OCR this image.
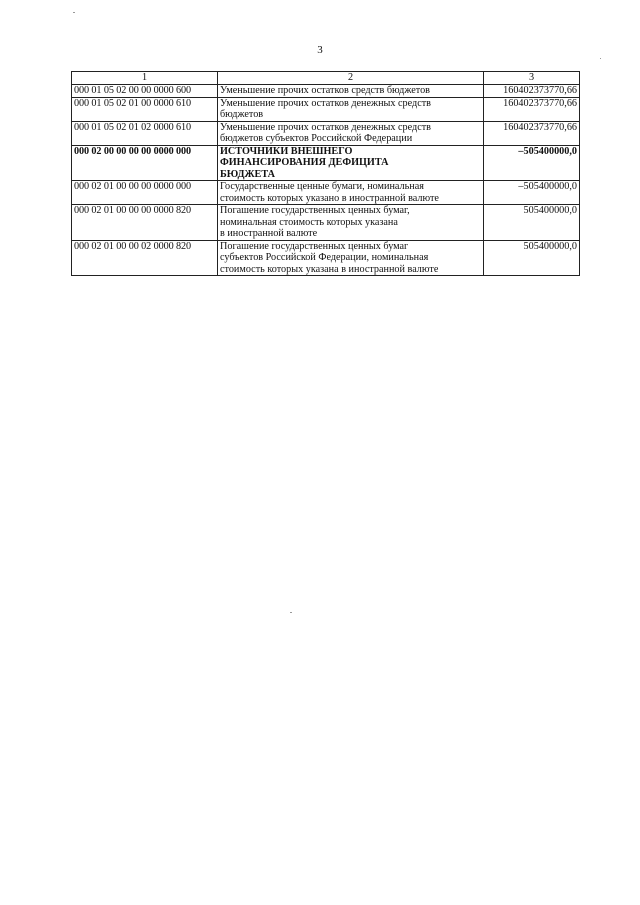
3
1	2	3
000 01 05 02 00 00 0000 600	Уменьшение прочих остатков средств бюджетов	160402373770,66
000 01 05 02 01 00 0000 610	Уменьшение прочих остатков денежных средств
бюджетов	160402373770,66
000 01 05 02 01 02 0000 610	Уменьшение прочих остатков денежных средств
бюджетов субъектов Российской Федерации	160402373770,66
000 02 00 00 00 00 0000 000	ИСТОЧНИКИ ВНЕШНЕГО
ФИНАНСИРОВАНИЯ ДЕФИЦИТА
БЮДЖЕТА	–505400000,0
000 02 01 00 00 00 0000 000	Государственные ценные бумаги, номинальная
стоимость которых указано в иностранной валюте	–505400000,0
000 02 01 00 00 00 0000 820	Погашение государственных ценных бумаг,
номинальная стоимость которых указана
в иностранной валюте	505400000,0
000 02 01 00 00 02 0000 820	Погашение государственных ценных бумаг
субъектов Российской Федерации, номинальная
стоимость которых указана в иностранной валюте	505400000,0
